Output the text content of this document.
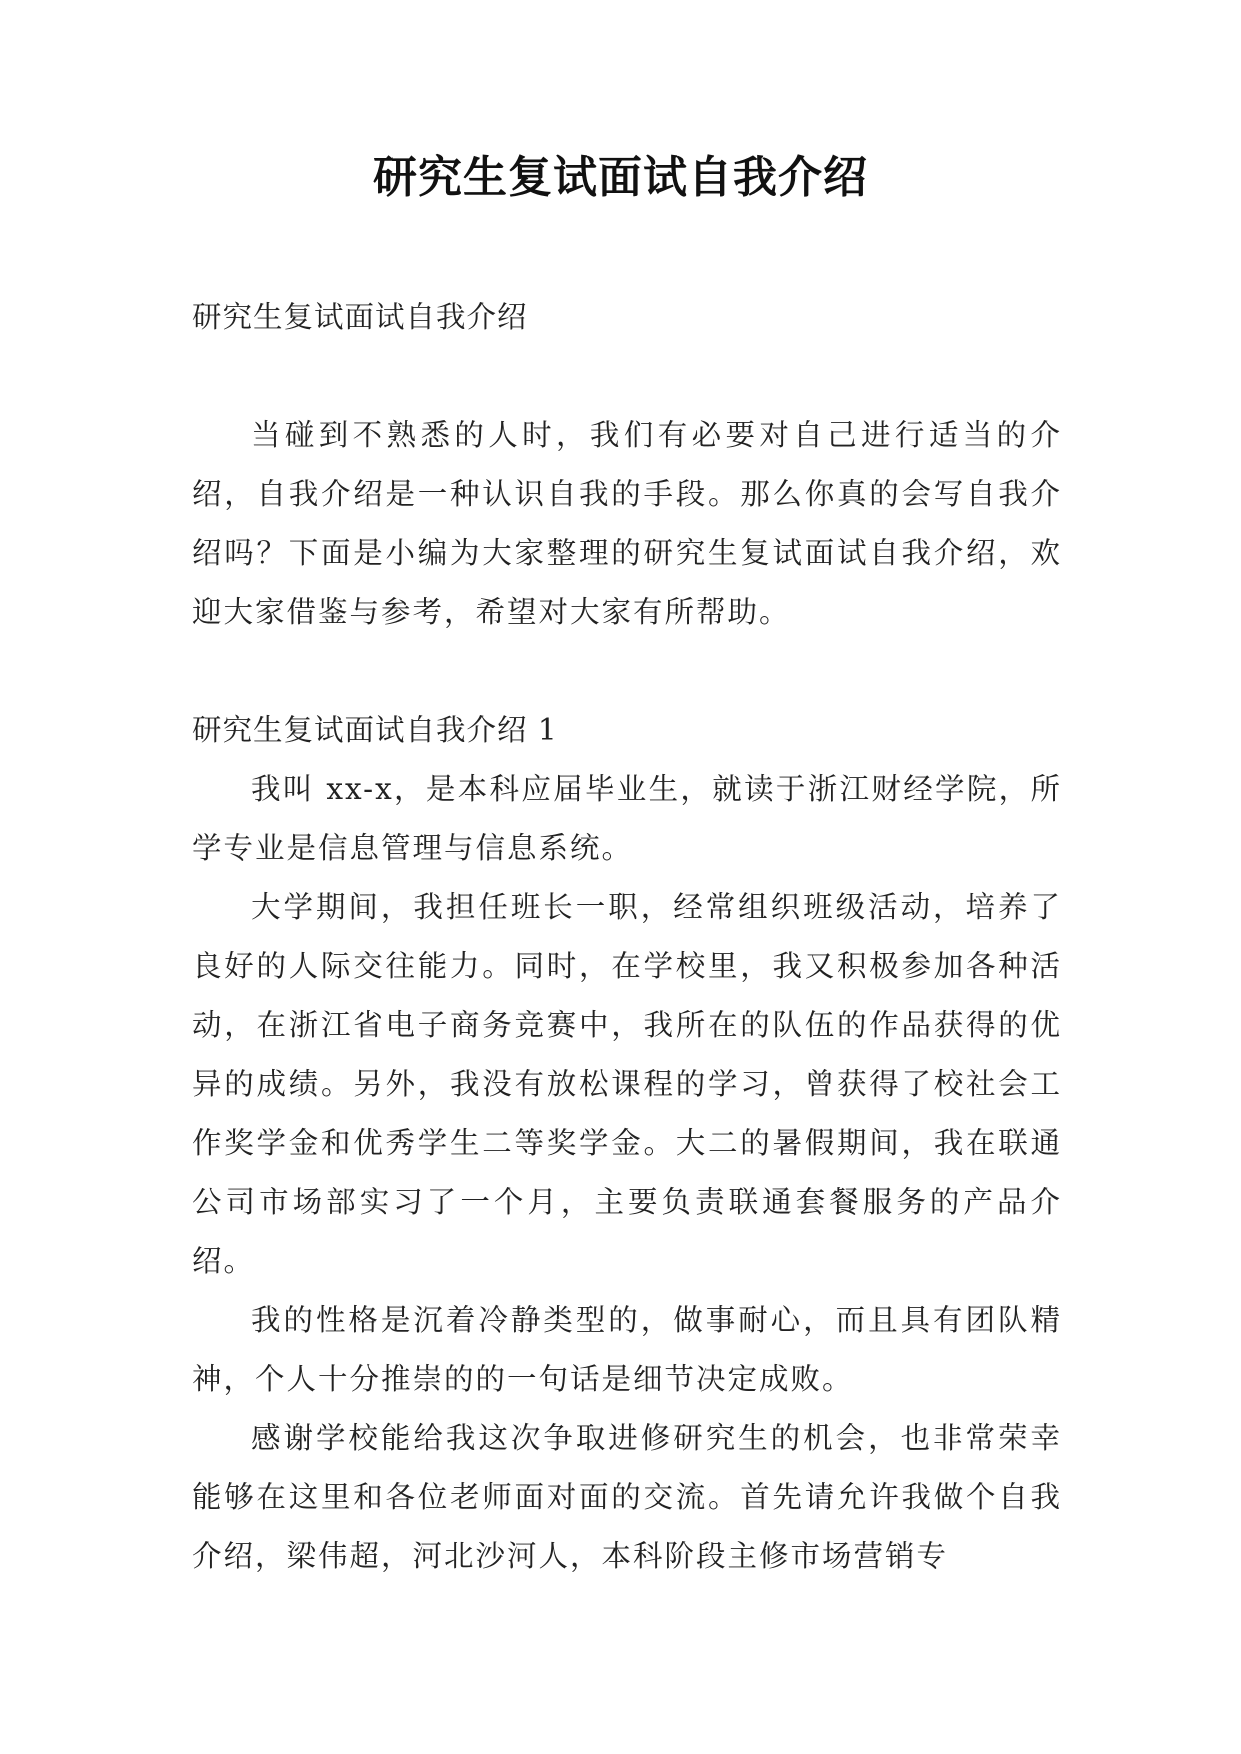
研究生复试面试自我介绍

研究生复试面试自我介绍

当碰到不熟悉的人时，我们有必要对自己进行适当的介绍，自我介绍是一种认识自我的手段。那么你真的会写自我介绍吗？下面是小编为大家整理的研究生复试面试自我介绍，欢迎大家借鉴与参考，希望对大家有所帮助。

研究生复试面试自我介绍 1

我叫 xx-x，是本科应届毕业生，就读于浙江财经学院，所学专业是信息管理与信息系统。

大学期间，我担任班长一职，经常组织班级活动，培养了良好的人际交往能力。同时，在学校里，我又积极参加各种活动，在浙江省电子商务竞赛中，我所在的队伍的作品获得的优异的成绩。另外，我没有放松课程的学习，曾获得了校社会工作奖学金和优秀学生二等奖学金。大二的暑假期间，我在联通公司市场部实习了一个月，主要负责联通套餐服务的产品介绍。

我的性格是沉着冷静类型的，做事耐心，而且具有团队精神，个人十分推崇的的一句话是细节决定成败。

感谢学校能给我这次争取进修研究生的机会，也非常荣幸能够在这里和各位老师面对面的交流。首先请允许我做个自我介绍，梁伟超，河北沙河人，本科阶段主修市场营销专
